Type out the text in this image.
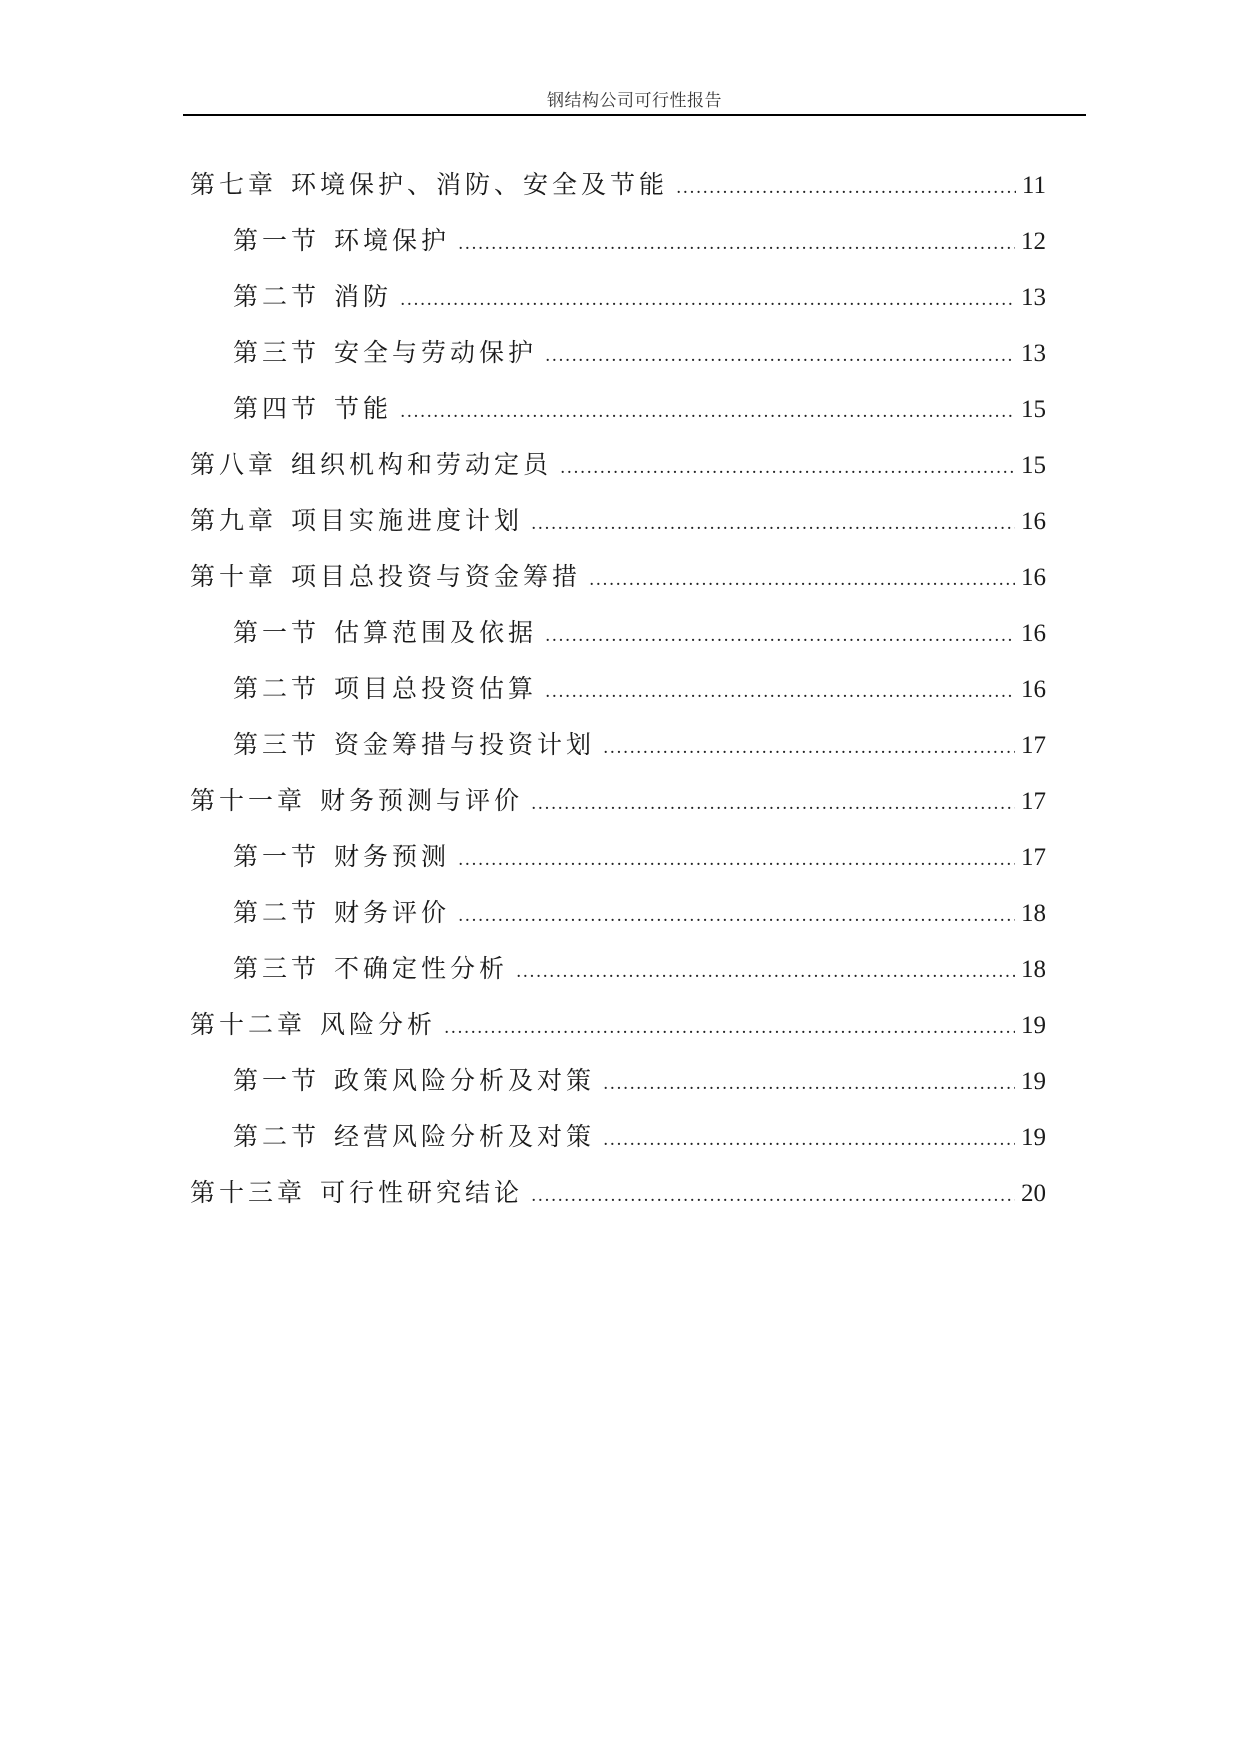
钢结构公司可行性报告
第七章 环境保护、消防、安全及节能 .....	11
第一节 环境保护 .....	12
第二节 消防 .....	13
第三节 安全与劳动保护 .....	13
第四节 节能 .....	15
第八章 组织机构和劳动定员 .....	15
第九章 项目实施进度计划 .....	16
第十章 项目总投资与资金筹措 .....	16
第一节 估算范围及依据 .....	16
第二节 项目总投资估算 .....	16
第三节 资金筹措与投资计划 .....	17
第十一章 财务预测与评价 .....	17
第一节 财务预测 .....	17
第二节 财务评价 .....	18
第三节 不确定性分析 .....	18
第十二章 风险分析 .....	19
第一节 政策风险分析及对策 .....	19
第二节 经营风险分析及对策 .....	19
第十三章 可行性研究结论 .....	20
